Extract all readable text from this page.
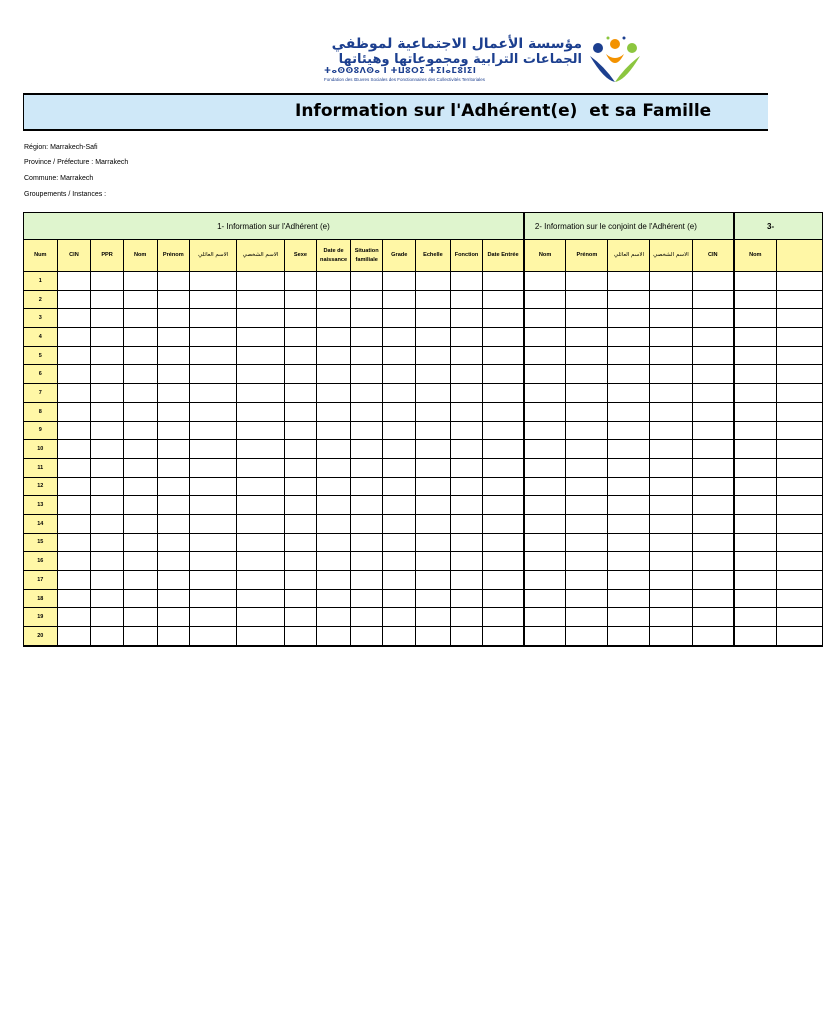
مؤسسة الأعمال الاجتماعية لموظفي
الجماعات الترابية ومجموعاتها وهيئاتها
ⵜⴰⵙⵙⵓⴷⵙⴰ ⵏ ⵜⵡⵓⵔⵉ ⵜⵉⵏⴰⵎⵓⵏⵉⵏ
Fondation des Œuvres Sociales des Fonctionnaires des Collectivités Territoriales
Information sur l'Adhérent(e)  et sa Famille
Région: Marrakech-Safi
Province / Préfecture : Marrakech
Commune: Marrakech
Groupements / Instances :
1- Information sur l'Adhérent (e)														2- Information sur le conjoint de l'Adhérent (e)					3-	
Num	CIN	PPR	Nom	Prénom	الاسم العائلي	الاسم الشخصي	Sexe	Date de naissance	Situation familiale	Grade	Echelle	Fonction	Date Entrée	Nom	Prénom	الاسم العائلي	الاسم الشخصي	CIN	Nom	
1																				
2																				
3																				
4																				
5																				
6																				
7																				
8																				
9																				
10																				
11																				
12																				
13																				
14																				
15																				
16																				
17																				
18																				
19																				
20																				
